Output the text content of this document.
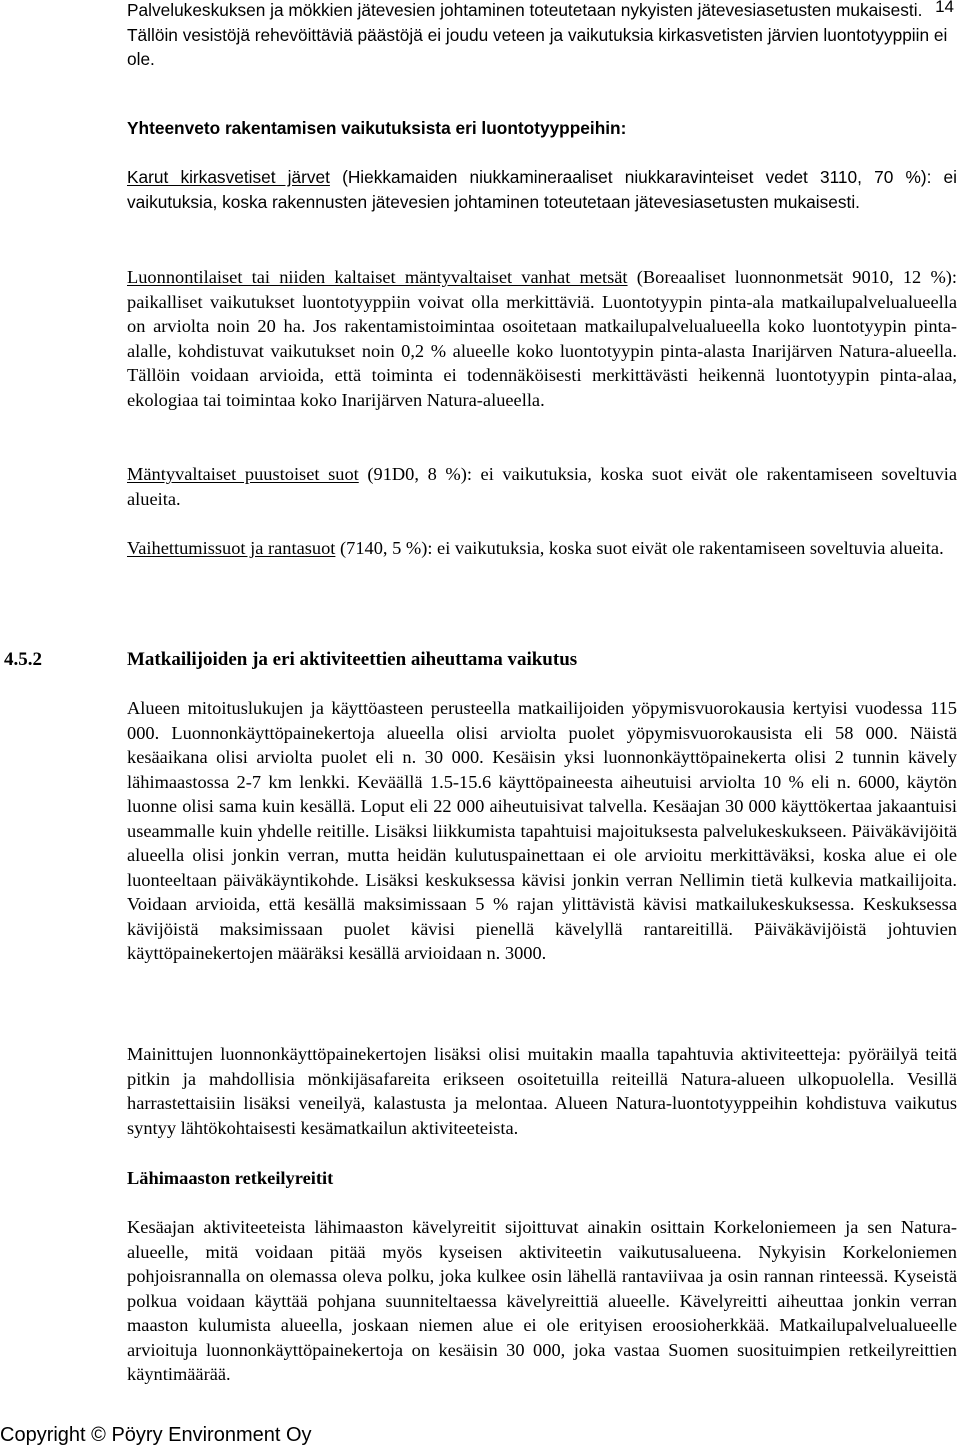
14

Palvelukeskuksen ja mökkien jätevesien johtaminen toteutetaan nykyisten jätevesiasetusten mukaisesti. Tällöin vesistöjä rehevöittäviä päästöjä ei joudu veteen ja vaikutuksia kirkasvetisten järvien luontotyyppiin ei ole.

Yhteenveto rakentamisen vaikutuksista eri luontotyyppeihin:

Karut kirkasvetiset järvet (Hiekkamaiden niukkamineraaliset niukkaravinteiset vedet 3110, 70 %): ei vaikutuksia, koska rakennusten jätevesien johtaminen toteutetaan jätevesiasetusten mukaisesti.

Luonnontilaiset tai niiden kaltaiset mäntyvaltaiset vanhat metsät (Boreaaliset luonnonmetsät 9010, 12 %): paikalliset vaikutukset luontotyyppiin voivat olla merkittäviä. Luontotyypin pinta-ala matkailupalvelualueella on arviolta noin 20 ha. Jos rakentamistoimintaa osoitetaan matkailupalvelualueella koko luontotyypin pinta-alalle, kohdistuvat vaikutukset noin 0,2 % alueelle koko luontotyypin pinta-alasta Inarijärven Natura-alueella. Tällöin voidaan arvioida, että toiminta ei todennäköisesti merkittävästi heikennä luontotyypin pinta-alaa, ekologiaa tai toimintaa koko Inarijärven Natura-alueella.

Mäntyvaltaiset puustoiset suot (91D0, 8 %): ei vaikutuksia, koska suot eivät ole rakentamiseen soveltuvia alueita.

Vaihettumissuot ja rantasuot (7140, 5 %): ei vaikutuksia, koska suot eivät ole rakentamiseen soveltuvia alueita.

4.5.2	Matkailijoiden ja eri aktiviteettien aiheuttama vaikutus

Alueen mitoituslukujen ja käyttöasteen perusteella matkailijoiden yöpymisvuorokausia kertyisi vuodessa 115 000. Luonnonkäyttöpainekertoja alueella olisi arviolta puolet yöpymisvuorokausista eli 58 000. Näistä kesäaikana olisi arviolta puolet eli n. 30 000. Kesäisin yksi luonnonkäyttöpainekerta olisi 2 tunnin kävely lähimaastossa 2-7 km lenkki. Keväällä 1.5-15.6 käyttöpaineesta aiheutuisi arviolta 10 % eli n. 6000, käytön luonne olisi sama kuin kesällä. Loput eli 22 000 aiheutuisivat talvella. Kesäajan 30 000 käyttökertaa jakaantuisi useammalle kuin yhdelle reitille. Lisäksi liikkumista tapahtuisi majoituksesta palvelukeskukseen. Päiväkävijöitä alueella olisi jonkin verran, mutta heidän kulutuspainettaan ei ole arvioitu merkittäväksi, koska alue ei ole luonteeltaan päiväkäyntikohde. Lisäksi keskuksessa kävisi jonkin verran Nellimin tietä kulkevia matkailijoita. Voidaan arvioida, että kesällä maksimissaan 5 % rajan ylittävistä kävisi matkailukeskuksessa. Keskuksessa kävijöistä maksimissaan puolet kävisi pienellä kävelyllä rantareitillä. Päiväkävijöistä johtuvien käyttöpainekertojen määräksi kesällä arvioidaan n. 3000.

Mainittujen luonnonkäyttöpainekertojen lisäksi olisi muitakin maalla tapahtuvia aktiviteetteja: pyöräilyä teitä pitkin ja mahdollisia mönkijäsafareita erikseen osoitetuilla reiteillä Natura-alueen ulkopuolella. Vesillä harrastettaisiin lisäksi veneilyä, kalastusta ja melontaa. Alueen Natura-luontotyyppeihin kohdistuva vaikutus syntyy lähtökohtaisesti kesämatkailun aktiviteeteista.

Lähimaaston retkeilyreitit

Kesäajan aktiviteeteista lähimaaston kävelyreitit sijoittuvat ainakin osittain Korkeloniemeen ja sen Natura-alueelle, mitä voidaan pitää myös kyseisen aktiviteetin vaikutusalueena. Nykyisin Korkeloniemen pohjoisrannalla on olemassa oleva polku, joka kulkee osin lähellä rantaviivaa ja osin rannan rinteessä. Kyseistä polkua voidaan käyttää pohjana suunniteltaessa kävelyreittiä alueelle. Kävelyreitti aiheuttaa jonkin verran maaston kulumista alueella, joskaan niemen alue ei ole erityisen eroosioherkkää. Matkailupalvelualueelle arvioituja luonnonkäyttöpainekertoja on kesäisin 30 000, joka vastaa Suomen suosituimpien retkeilyreittien käyntimäärää.

Copyright © Pöyry Environment Oy
